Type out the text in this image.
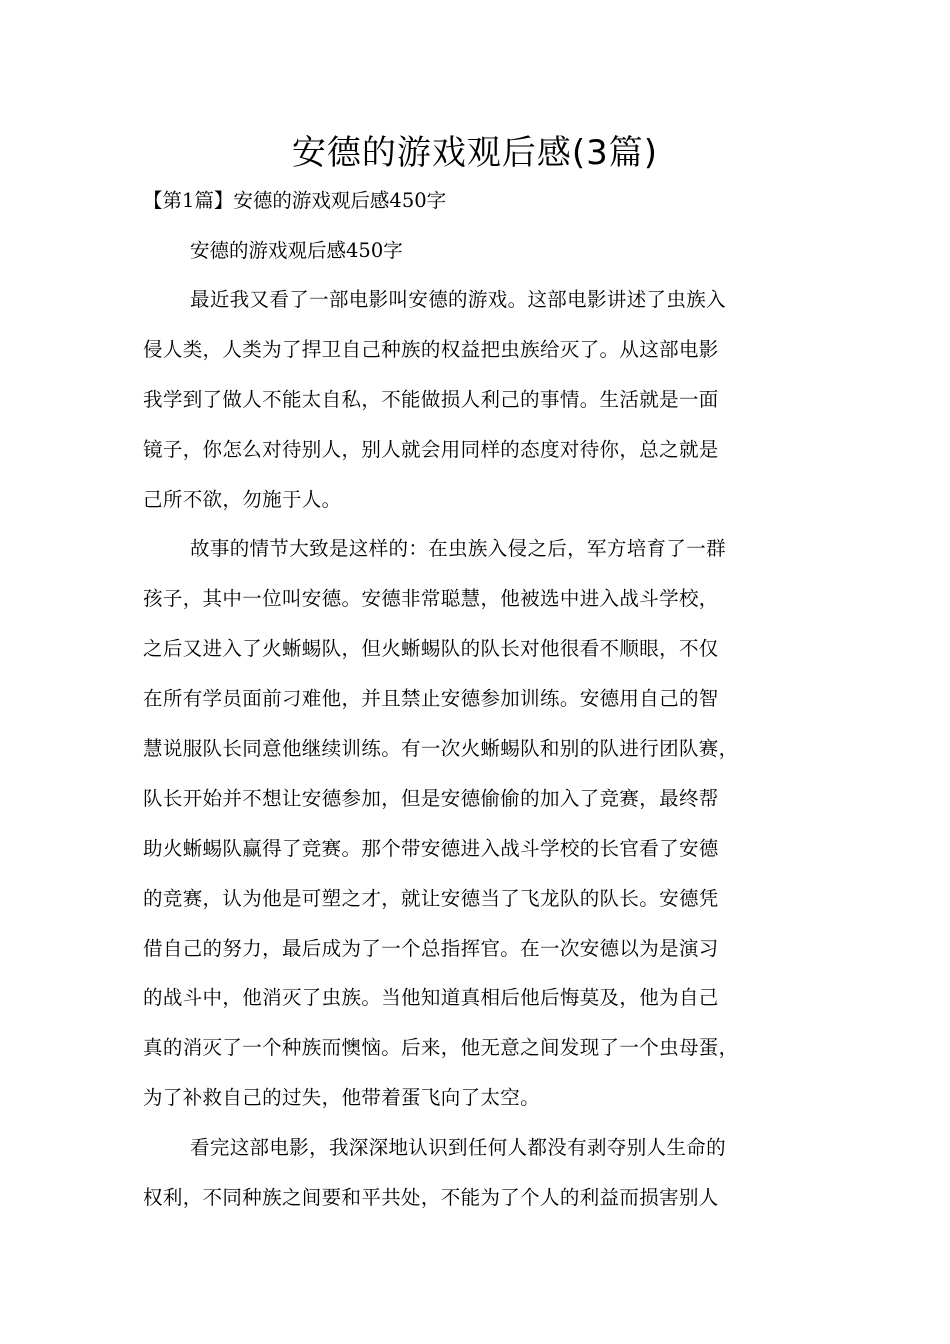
安德的游戏观后感(3篇)
【第1篇】安德的游戏观后感450字
安德的游戏观后感450字
最近我又看了一部电影叫安德的游戏。这部电影讲述了虫族入
侵人类，人类为了捍卫自己种族的权益把虫族给灭了。从这部电影
我学到了做人不能太自私，不能做损人利己的事情。生活就是一面
镜子，你怎么对待别人，别人就会用同样的态度对待你，总之就是
己所不欲，勿施于人。
故事的情节大致是这样的：在虫族入侵之后，军方培育了一群
孩子，其中一位叫安德。安德非常聪慧，他被选中进入战斗学校，
之后又进入了火蜥蜴队，但火蜥蜴队的队长对他很看不顺眼，不仅
在所有学员面前刁难他，并且禁止安德参加训练。安德用自己的智
慧说服队长同意他继续训练。有一次火蜥蜴队和别的队进行团队赛，
队长开始并不想让安德参加，但是安德偷偷的加入了竞赛，最终帮
助火蜥蜴队赢得了竞赛。那个带安德进入战斗学校的长官看了安德
的竞赛，认为他是可塑之才，就让安德当了飞龙队的队长。安德凭
借自己的努力，最后成为了一个总指挥官。在一次安德以为是演习
的战斗中，他消灭了虫族。当他知道真相后他后悔莫及，他为自己
真的消灭了一个种族而懊恼。后来，他无意之间发现了一个虫母蛋，
为了补救自己的过失，他带着蛋飞向了太空。
看完这部电影，我深深地认识到任何人都没有剥夺别人生命的
权利，不同种族之间要和平共处，不能为了个人的利益而损害别人
